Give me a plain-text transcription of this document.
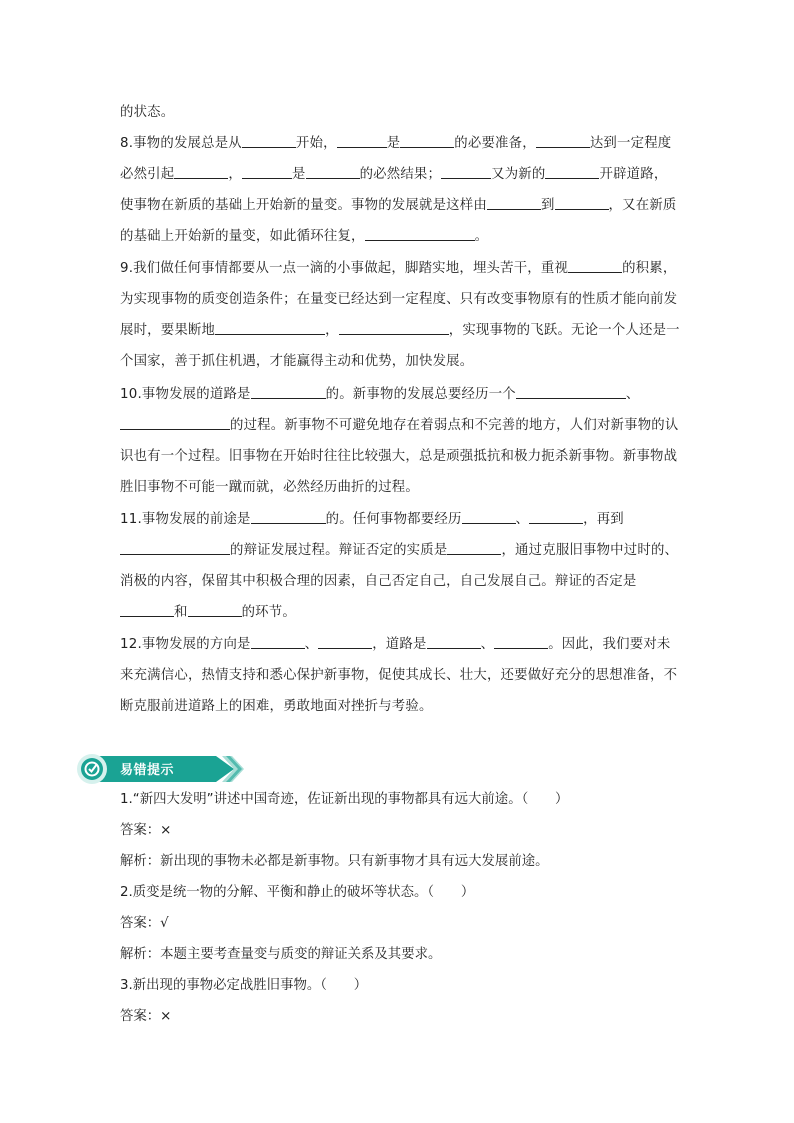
的状态。
8.事物的发展总是从	开始，	是	的必要准备，	达到一定程度必然引起	，	是	的必然结果；	又为新的	开辟道路，使事物在新质的基础上开始新的量变。事物的发展就是这样由	到	，又在新质的基础上开始新的量变，如此循环往复，	。
9.我们做任何事情都要从一点一滴的小事做起，脚踏实地，埋头苦干，重视	的积累，为实现事物的质变创造条件；在量变已经达到一定程度、只有改变事物原有的性质才能向前发展时，要果断地	，	，实现事物的飞跃。无论一个人还是一个国家，善于抓住机遇，才能赢得主动和优势，加快发展。
10.事物发展的道路是	的。新事物的发展总要经历一个	、的过程。新事物不可避免地存在着弱点和不完善的地方，人们对新事物的认识也有一个过程。旧事物在开始时往往比较强大，总是顽强抵抗和极力扼杀新事物。新事物战胜旧事物不可能一蹴而就，必然经历曲折的过程。
11.事物发展的前途是	的。任何事物都要经历	、	，再到的辩证发展过程。辩证否定的实质是	，通过克服旧事物中过时的、消极的内容，保留其中积极合理的因素，自己否定自己，自己发展自己。辩证的否定是和	的环节。
12.事物发展的方向是	、	，道路是	、	。因此，我们要对未来充满信心，热情支持和悉心保护新事物，促使其成长、壮大，还要做好充分的思想准备，不断克服前进道路上的困难，勇敢地面对挫折与考验。
易错提示
1.“新四大发明”讲述中国奇迹，佐证新出现的事物都具有远大前途。（　　）
答案：×
解析：新出现的事物未必都是新事物。只有新事物才具有远大发展前途。
2.质变是统一物的分解、平衡和静止的破坏等状态。（　　）
答案：√
解析：本题主要考查量变与质变的辩证关系及其要求。
3.新出现的事物必定战胜旧事物。（　　）
答案：×
